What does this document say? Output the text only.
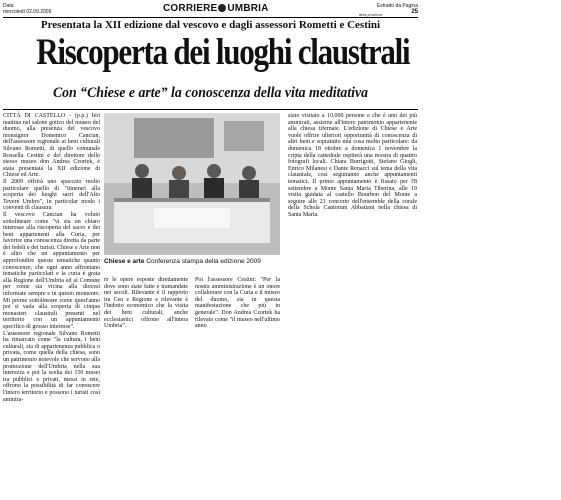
Data
mercoledì 02.09.2009	CORRIERE UMBRIA
della provincia
Estratto da Pagina
25
Presentata la XII edizione dal vescovo e dagli assessori Rometti e Cestini
Riscoperta dei luoghi claustrali
Con “Chiese e arte” la conoscenza della vita meditativa
CITTÀ DI CASTELLO - (p.p.) Ieri mattina nel salone gotico del museo del duomo, alla presenza del vescovo monsignor Domenico Cancian, dell'assessore regionale ai beni culturali Silvano Rometti, di quello comunale Rossella Cestini e del direttore dello stesso museo don Andrea Czortek, è stata presentata la XII edizione di Chiese ed Arte.
Il 2009 offrirà uno spaccato molto particolare quello di "itinerari alla scoperta dei luoghi sacri dell'Alto Tevere Umbro", in particolar modo i conventi di clausura.
Il vescovo Cancian ha voluto sottolineare come "vi sia un chiaro interesse alla riscoperta del sacro e dei beni appartenenti alla Curia, per favorire una conoscenza diretta da parte dei fedeli e dei turisti. Chiese e Arte non è altro che un appuntamento per approfondire queste tematiche quanto conoscenze, che ogni anno affrontano tematiche particolari e la curia è grata alla Regione dell'Umbria ed al Comune per come sia vicina alla diocesi informate sempre e in questo momento. Mi preme sottolineare come quest'anno poi si vada alla scoperta di cinque monasteri claustrali presenti nel territorio con un appuntamento specifico di grosso interesse".
L'assessore regionale Silvano Rometti ha rimarcato come "la cultura, i beni culturali, sia di appartenenza pubblica o privata, come quella della chiesa, sono un patrimonio notevole che servono alla promozione dell'Umbria nella sua interezza e poi la scelta dei 150 musei tra pubblici e privati, messi in rete, offrono la possibilità di far conoscere l'intero territorio e possono i turisti così ammira-
Chiese e arte Conferenza stampa della edizione 2009
re le opere esposte direttamente dove sono state fatte e tramandate nei secoli. Rilevante è il rapporto tra Ceu e Regione e rilevante è l'indotto economico che la visita dei beni culturali, anche ecclesiastici offrono all'intera Umbria".
Poi l'assessore Cestini: "Per la nostra amministrazione è un onore collaborare con la Curia e il museo del duomo, sia in questa manifestazione che più in generale". Don Andrea Czortek ha rilevato come "il museo nell'ultimo anno
stato visitato a 10.000 persone e che è uno dei più ammirati, assieme all'intero patrimonio appartenente alla chiesa tifernate. L'edizione di Chiese e Arte vuole offrire ulteriori opportunità di conoscenza di altri beni e sopratutto una cosa molto particolare: da domenica 18 ottobre a domenica 1 novembre la cripta della cattedrale ospiterà una mostra di quattro fotografi locali. Chiara Burrigotti, Stefano Giogli, Enrico Milanesi e Dante Renacci sul tema della vita claustrale, così seguiranno anche appuntamenti tematici. Il primo appuntamento è fissato per l'8 settembre a Monte Santa Maria Tiberina, alle 19 visita guidata al castello Bourbon del Monte a seguire alle 21 concerto dell'ensemble della corale della Schola Cantorum Abbatiani nella chiesa di Santa Maria.
